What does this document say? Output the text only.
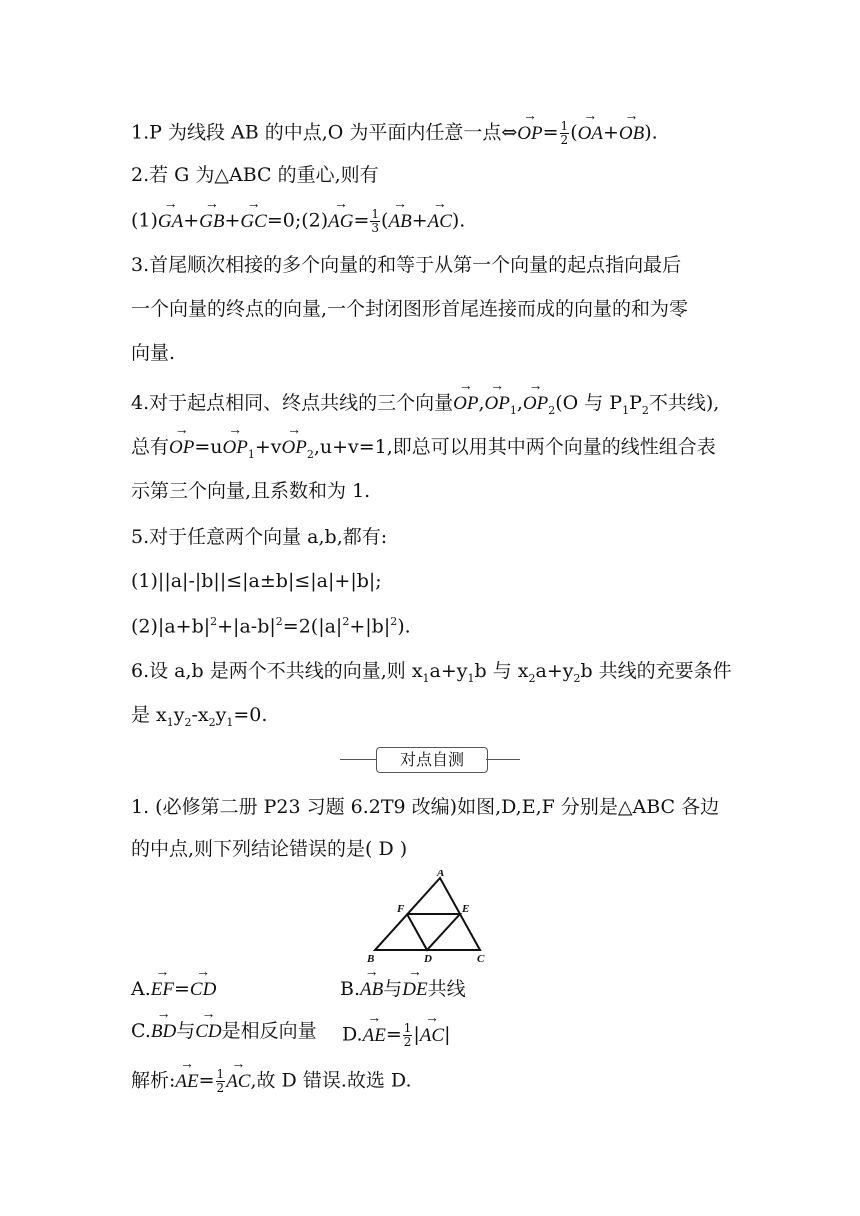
1.P 为线段 AB 的中点,O 为平面内任意一点⇔→ $OP= \frac{1}{2}$ (→ OA+→ OB).
2.若 G 为△ABC 的重心,则有
(1)→ GA+→ GB+→ GC=0;(2)→ $AG= \frac{1}{3}$ (→ AB+→ AC).
3.首尾顺次相接的多个向量的和等于从第一个向量的起点指向最后
一个向量的终点的向量,一个封闭图形首尾连接而成的向量的和为零
向量.
4.对于起点相同、终点共线的三个向量→ $OP,\to OP_1,\to OP_2(O$ 与 $P_1P_2$不共线),
总有→ $OP=u\to OP_1+v\to OP_2,u+v=1$,即总可以用其中两个向量的线性组合表
示第三个向量,且系数和为 1.
5.对于任意两个向量 a,b,都有:
(1)||a|-|b||≤|a±b|≤|a|+|b|;
$(2)|a+b|^2+|a-b|^2=2(|a|^2+|b|^2)$.
6.设 a,b 是两个不共线的向量,则 $x_1a+y_1b$ 与 $x_2a+y_2b$ 共线的充要条件
是 $x_1y_2-x_2y_1=0$.
对点自测
1. (必修第二册 P23 习题 6.2T9 改编)如图,D,E,F 分别是△ABC 各边
的中点,则下列结论错误的是( D )
A
B	C
D
E
F
A.→ EF=→ CD	B.→ AB与→ DE共线
C.→ BD与→ CD是相反向量 $D.\to AE= \frac{1}{2}$ |→ AC|
解析:→ $AE= \frac{1}{2}$
→ AC,故 D 错误.故选 D.
